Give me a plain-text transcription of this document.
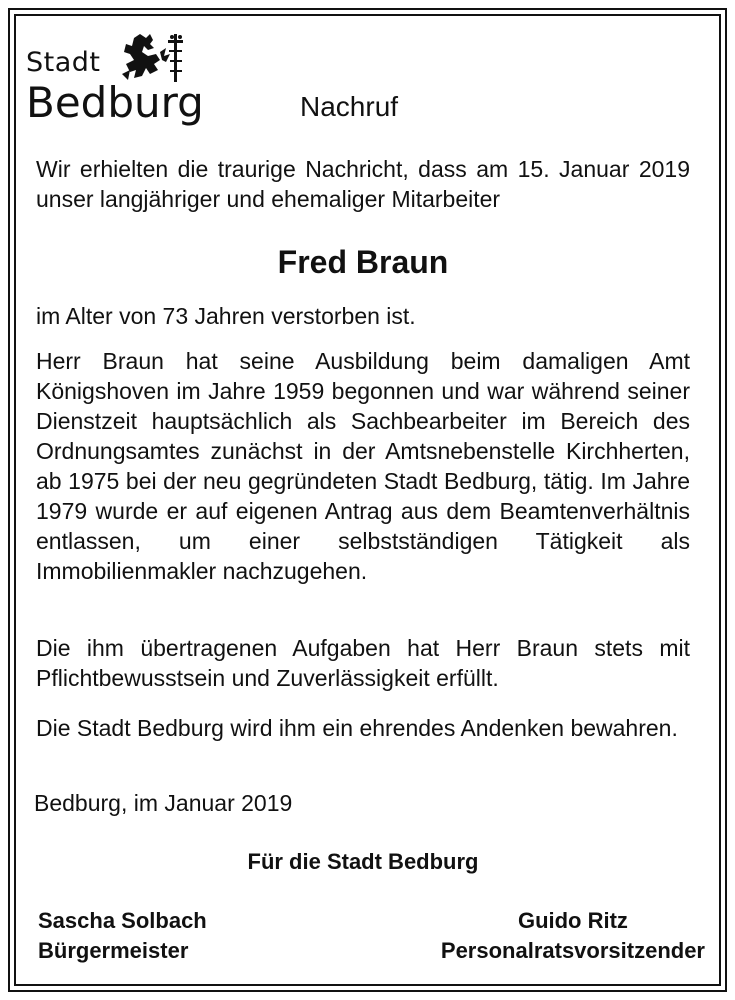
Stadt
Bedburg	Nachruf

Wir erhielten die traurige Nachricht, dass am 15. Januar 2019 unser langjähriger und ehemaliger Mitarbeiter

Fred Braun

im Alter von 73 Jahren verstorben ist.

Herr Braun hat seine Ausbildung beim damaligen Amt Königshoven im Jahre 1959 begonnen und war während seiner Dienstzeit hauptsächlich als Sachbearbeiter im Bereich des Ordnungsamtes zunächst in der Amtsnebenstelle Kirchherten, ab 1975 bei der neu gegründeten Stadt Bedburg, tätig. Im Jahre 1979 wurde er auf eigenen Antrag aus dem Beamtenverhältnis entlassen, um einer selbstständigen Tätigkeit als Immobilienmakler nachzugehen.

Die ihm übertragenen Aufgaben hat Herr Braun stets mit Pflichtbewusstsein und Zuverlässigkeit erfüllt.

Die Stadt Bedburg wird ihm ein ehrendes Andenken bewahren.

Bedburg, im Januar 2019
Für die Stadt Bedburg
Sascha Solbach
Bürgermeister
Guido Ritz
Personalratsvorsitzender
